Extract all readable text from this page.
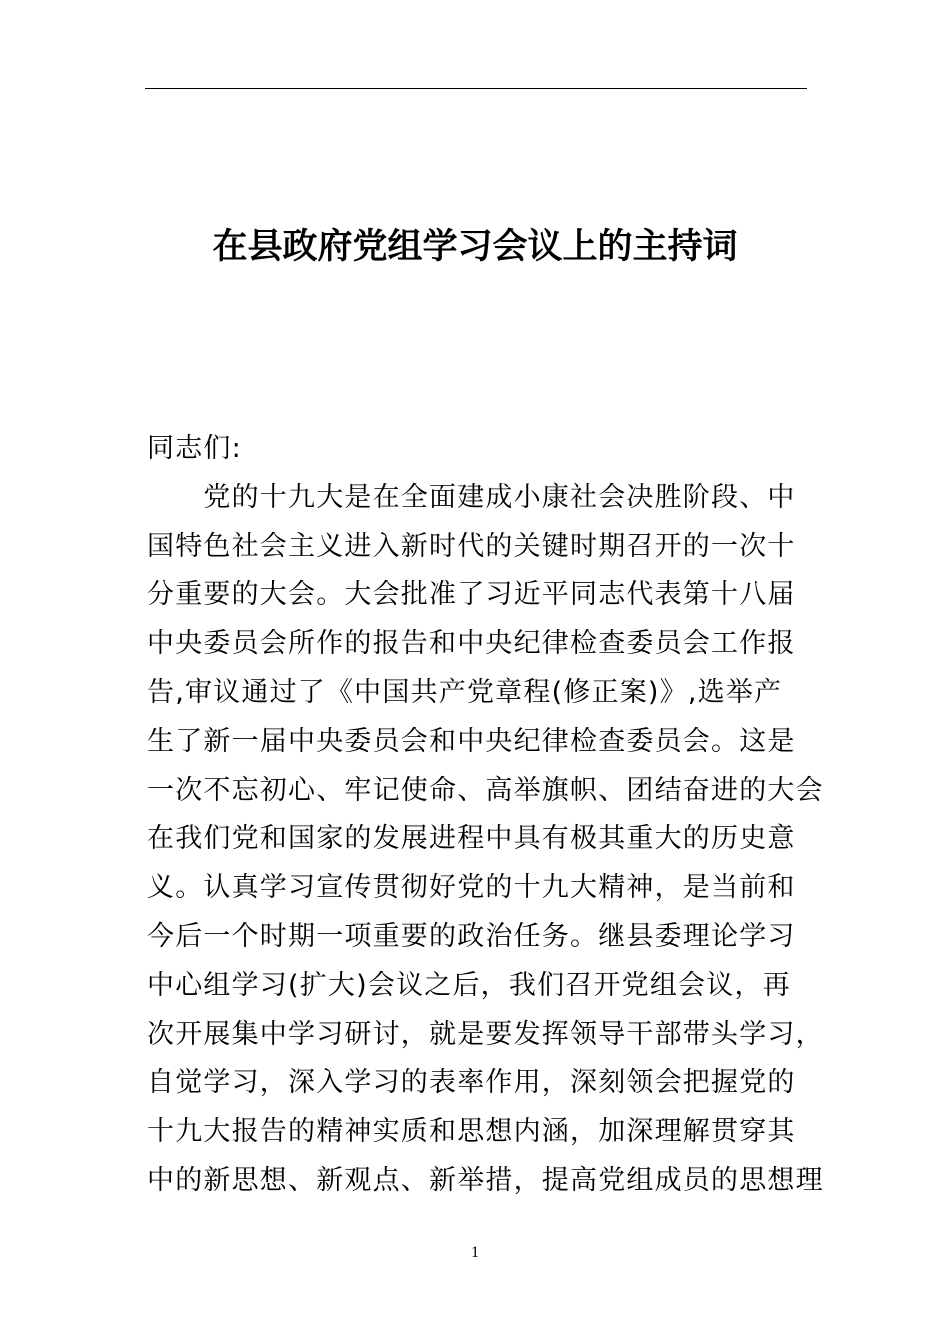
在县政府党组学习会议上的主持词
同志们:
　　党的十九大是在全面建成小康社会决胜阶段、中
国特色社会主义进入新时代的关键时期召开的一次十
分重要的大会。大会批准了习近平同志代表第十八届
中央委员会所作的报告和中央纪律检查委员会工作报
告,审议通过了《中国共产党章程(修正案)》,选举产
生了新一届中央委员会和中央纪律检查委员会。这是
一次不忘初心、牢记使命、高举旗帜、团结奋进的大会
在我们党和国家的发展进程中具有极其重大的历史意
义。认真学习宣传贯彻好党的十九大精神，是当前和
今后一个时期一项重要的政治任务。继县委理论学习
中心组学习(扩大)会议之后，我们召开党组会议，再
次开展集中学习研讨，就是要发挥领导干部带头学习，
自觉学习，深入学习的表率作用，深刻领会把握党的
十九大报告的精神实质和思想内涵，加深理解贯穿其
中的新思想、新观点、新举措，提高党组成员的思想理
1
